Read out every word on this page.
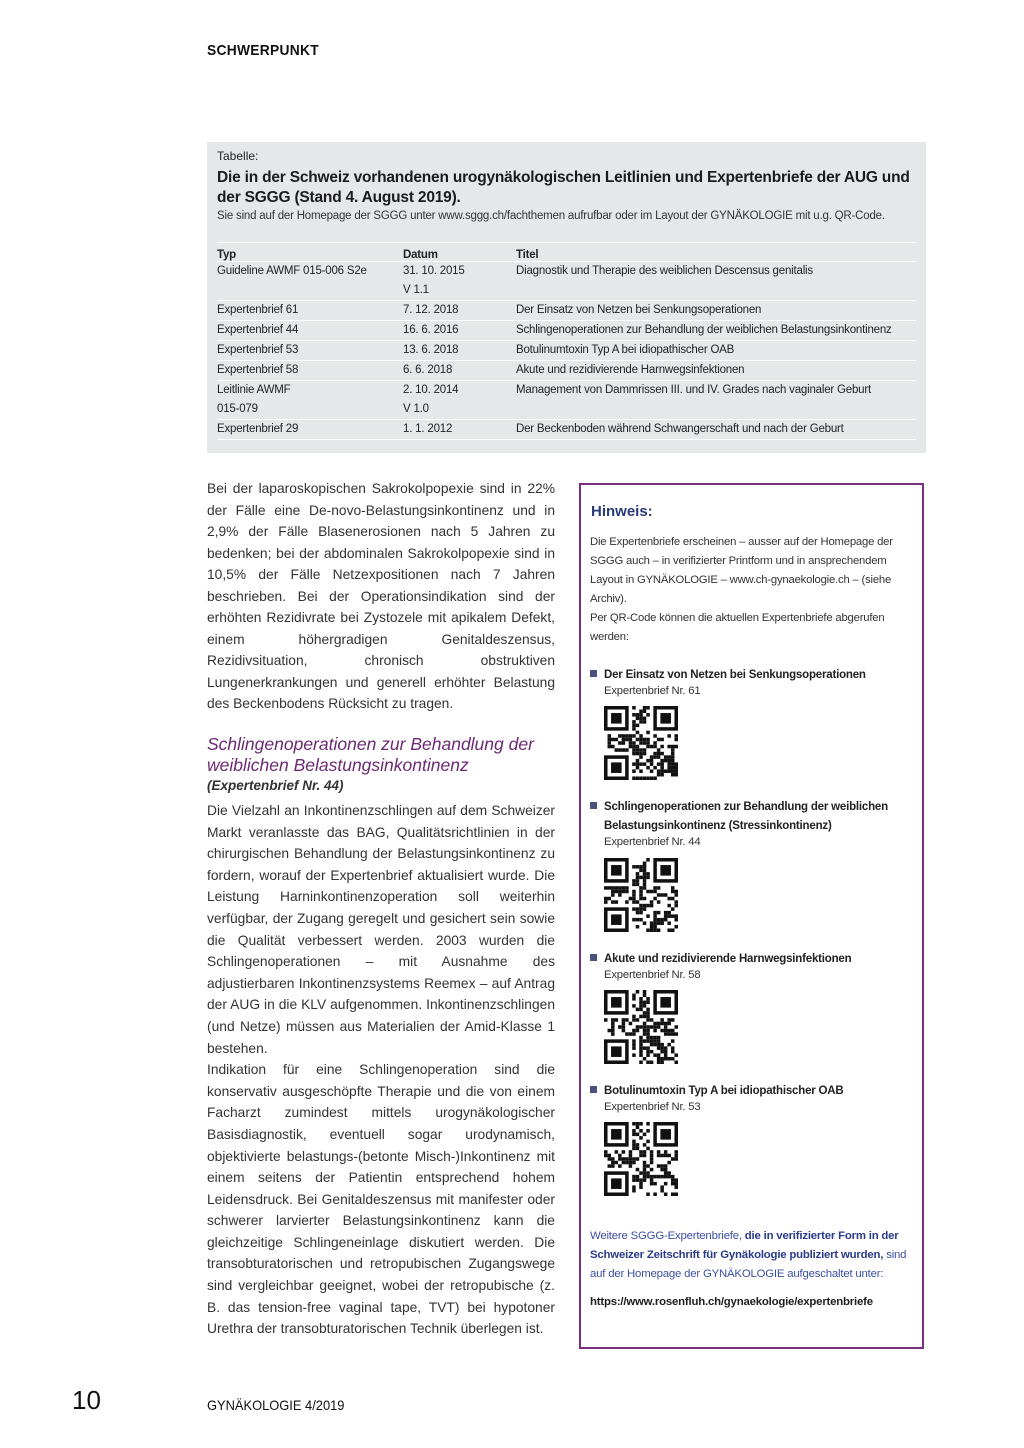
SCHWERPUNKT
Tabelle:
Die in der Schweiz vorhandenen urogynäkologischen Leitlinien und Expertenbriefe der AUG und der SGGG (Stand 4. August 2019).
Sie sind auf der Homepage der SGGG unter www.sggg.ch/fachthemen aufrufbar oder im Layout der GYNÄKOLOGIE mit u.g. QR-Code.
Typ	Datum	Titel
Guideline AWMF 015-006 S2e	31. 10. 2015	Diagnostik und Therapie des weiblichen Descensus genitalis
	V 1.1	
Expertenbrief 61	7. 12. 2018	Der Einsatz von Netzen bei Senkungsoperationen
Expertenbrief 44	16. 6. 2016	Schlingenoperationen zur Behandlung der weiblichen Belastungsinkontinenz
Expertenbrief 53	13. 6. 2018	Botulinumtoxin Typ A bei idiopathischer OAB
Expertenbrief 58	6. 6. 2018	Akute und rezidivierende Harnwegsinfektionen
Leitlinie AWMF	2. 10. 2014	Management von Dammrissen III. und IV. Grades nach vaginaler Geburt
015-079	V 1.0	
Expertenbrief 29	1. 1. 2012	Der Beckenboden während Schwangerschaft und nach der Geburt

Bei der laparoskopischen Sakrokolpopexie sind in 22% der Fälle eine De-novo-Belastungsinkontinenz und in 2,9% der Fälle Blasenerosionen nach 5 Jahren zu bedenken; bei der abdominalen Sakrokolpopexie sind in 10,5% der Fälle Netzexpositionen nach 7 Jahren beschrieben. Bei der Operationsindikation sind der erhöhten Rezidivrate bei Zystozele mit apikalem Defekt, einem höhergradigen Genitaldeszensus, Rezidivsituation, chronisch obstruktiven Lungenerkrankungen und generell erhöhter Belastung des Beckenbodens Rücksicht zu tragen.

Schlingenoperationen zur Behandlung der weiblichen Belastungsinkontinenz
(Expertenbrief Nr. 44)

Die Vielzahl an Inkontinenzschlingen auf dem Schweizer Markt veranlasste das BAG, Qualitätsrichtlinien in der chirurgischen Behandlung der Belastungsinkontinenz zu fordern, worauf der Expertenbrief aktualisiert wurde. Die Leistung Harninkontinenzoperation soll weiterhin verfügbar, der Zugang geregelt und gesichert sein sowie die Qualität verbessert werden. 2003 wurden die Schlingenoperationen – mit Ausnahme des adjustierbaren Inkontinenzsystems Reemex – auf Antrag der AUG in die KLV aufgenommen. Inkontinenzschlingen (und Netze) müssen aus Materialien der Amid-Klasse 1 bestehen.

Indikation für eine Schlingenoperation sind die konservativ ausgeschöpfte Therapie und die von einem Facharzt zumindest mittels urogynäkologischer Basisdiagnostik, eventuell sogar urodynamisch, objektivierte belastungs-(betonte Misch-)Inkontinenz mit einem seitens der Patientin entsprechend hohem Leidensdruck. Bei Genitaldeszensus mit manifester oder schwerer larvierter Belastungsinkontinenz kann die gleichzeitige Schlingeneinlage diskutiert werden. Die transobturatorischen und retropubischen Zugangswege sind vergleichbar geeignet, wobei der retropubische (z. B. das tension-free vaginal tape, TVT) bei hypotoner Urethra der transobturatorischen Technik überlegen ist.

Hinweis:

Die Expertenbriefe erscheinen – ausser auf der Homepage der SGGG auch – in verifizierter Printform und in ansprechendem Layout in GYNÄKOLOGIE – www.ch-gynaekologie.ch – (siehe Archiv).

Per QR-Code können die aktuellen Expertenbriefe abgerufen werden:

Der Einsatz von Netzen bei Senkungsoperationen
Expertenbrief Nr. 61
Schlingenoperationen zur Behandlung der weiblichen Belastungsinkontinenz (Stressinkontinenz)
Expertenbrief Nr. 44
Akute und rezidivierende Harnwegsinfektionen
Expertenbrief Nr. 58
Botulinumtoxin Typ A bei idiopathischer OAB
Expertenbrief Nr. 53
Weitere SGGG-Expertenbriefe, die in verifizierter Form in der Schweizer Zeitschrift für Gynäkologie publiziert wurden, sind auf der Homepage der GYNÄKOLOGIE aufgeschaltet unter:
https://www.rosenfluh.ch/gynaekologie/expertenbriefe
10	GYNÄKOLOGIE 4/2019
